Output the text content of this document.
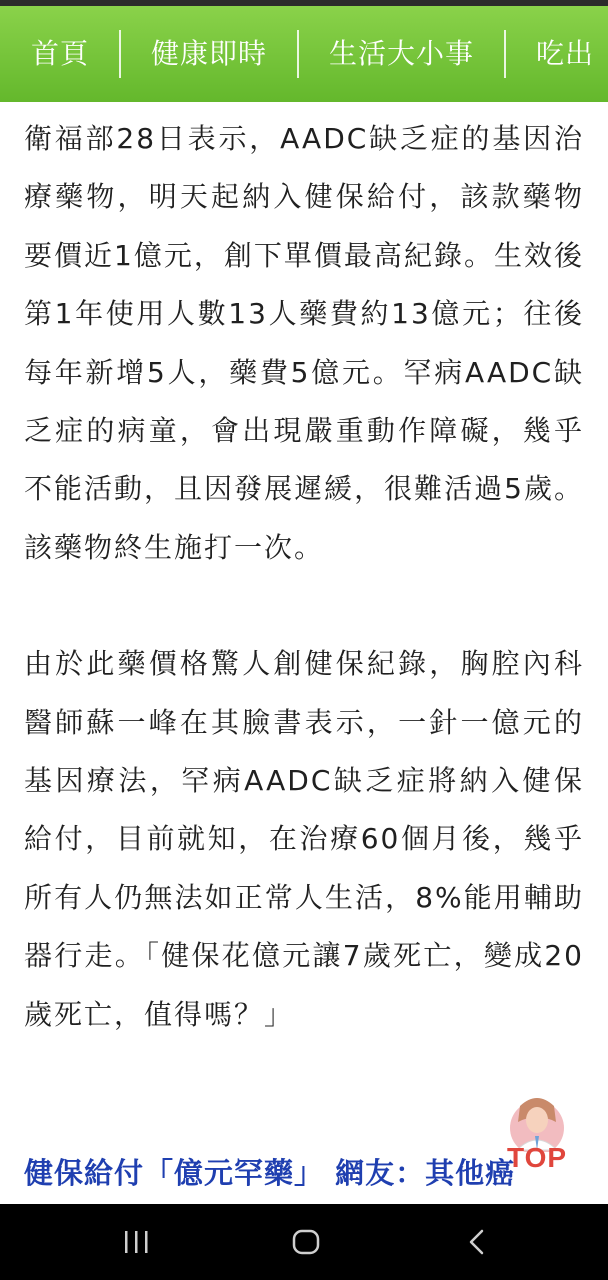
首頁	健康即時	生活大小事	吃出

衛福部28日表示，AADC缺乏症的基因治療藥物，明天起納入健保給付，該款藥物要價近1億元，創下單價最高紀錄。生效後第1年使用人數13人藥費約13億元；往後每年新增5人，藥費5億元。罕病AADC缺乏症的病童，會出現嚴重動作障礙，幾乎不能活動，且因發展遲緩，很難活過5歲。該藥物終生施打一次。

由於此藥價格驚人創健保紀錄，胸腔內科醫師蘇一峰在其臉書表示，一針一億元的基因療法，罕病AADC缺乏症將納入健保給付，目前就知，在治療60個月後，幾乎所有人仍無法如正常人生活，8%能用輔助器行走。「健保花億元讓7歲死亡，變成20歲死亡，值得嗎？」

健保給付「億元罕藥」 網友：其他癌
TOP
